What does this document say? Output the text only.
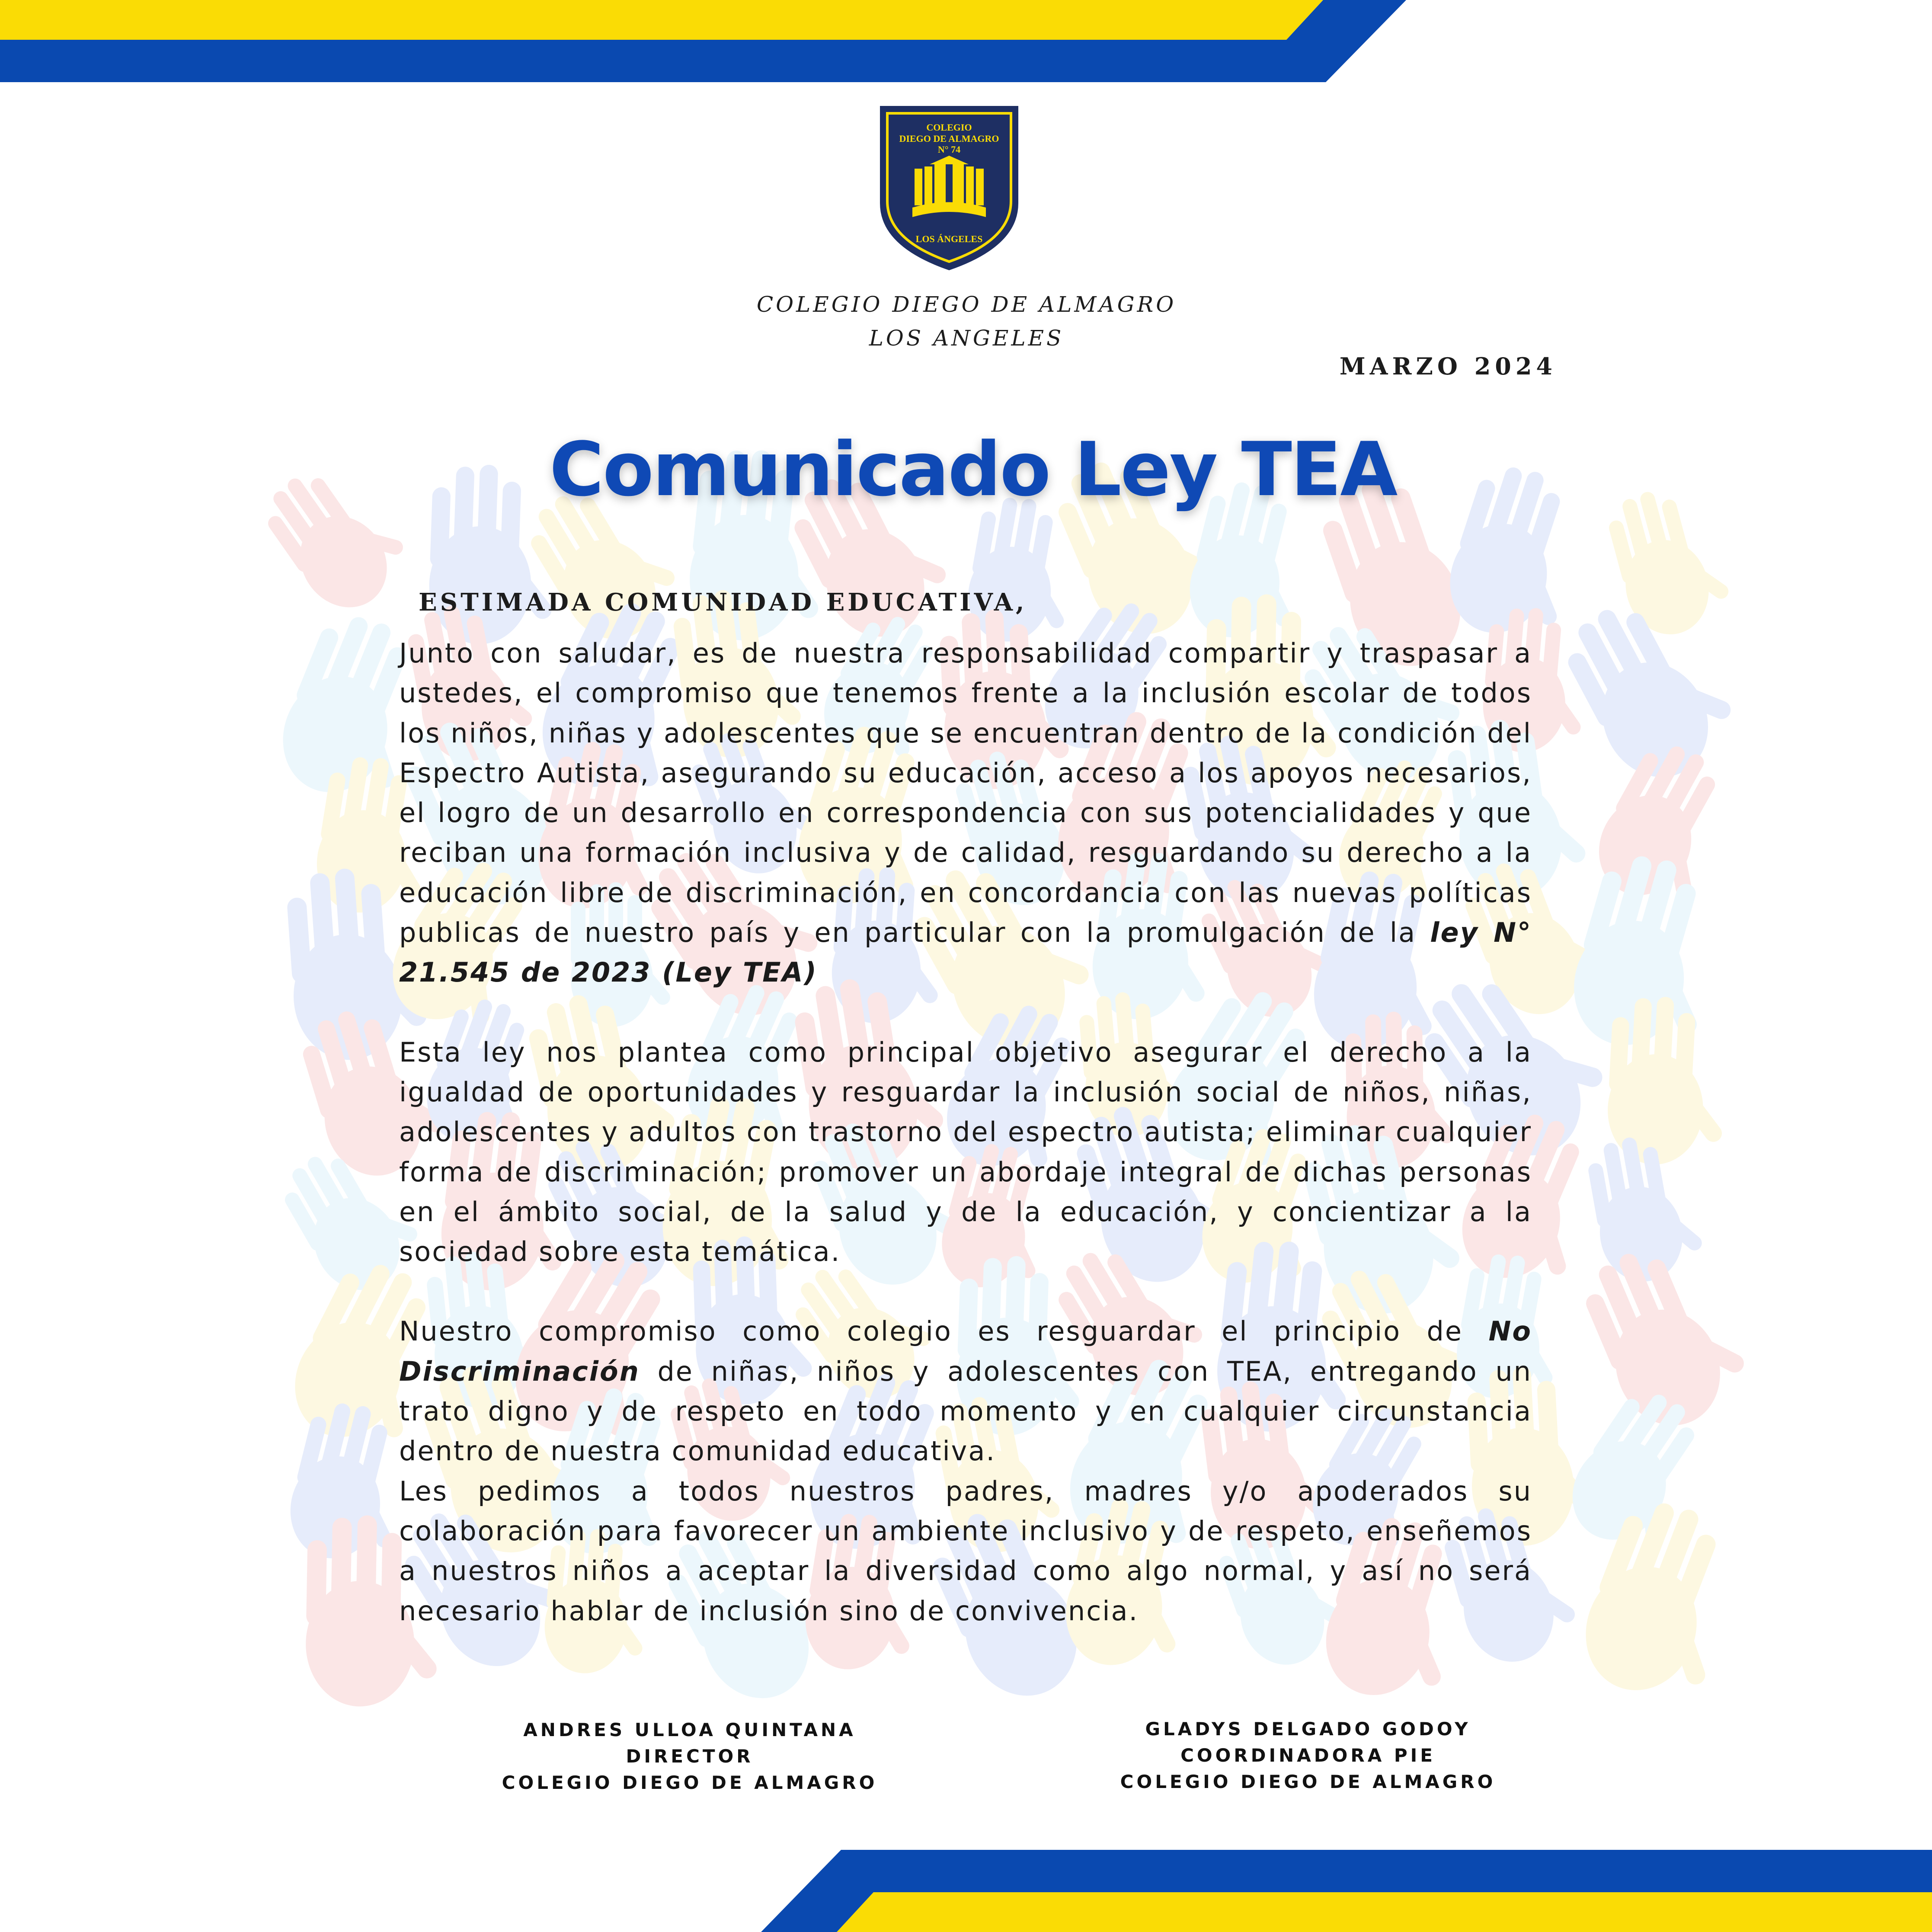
COLEGIO
DIEGO DE ALMAGRO
N° 74
LOS ÁNGELES
COLEGIO DIEGO DE ALMAGRO
LOS ANGELES
MARZO 2024
Comunicado Ley TEA
ESTIMADA COMUNIDAD EDUCATIVA,

Junto con saludar, es de nuestra responsabilidad compartir y traspasar a ustedes, el compromiso que tenemos frente a la inclusión escolar de todos los niños, niñas y adolescentes que se encuentran dentro de la condición del Espectro Autista, asegurando su educación, acceso a los apoyos necesarios, el logro de un desarrollo en correspondencia con sus potencialidades y que reciban una formación inclusiva y de calidad, resguardando su derecho a la educación libre de discriminación, en concordancia con las nuevas políticas publicas de nuestro país y en particular con la promulgación de la ley N° 21.545 de 2023 (Ley TEA)

Esta ley nos plantea como principal objetivo asegurar el derecho a la igualdad de oportunidades y resguardar la inclusión social de niños, niñas, adolescentes y adultos con trastorno del espectro autista; eliminar cualquier forma de discriminación; promover un abordaje integral de dichas personas en el ámbito social, de la salud y de la educación, y concientizar a la sociedad sobre esta temática.

Nuestro compromiso como colegio es resguardar el principio de No Discriminación de niñas, niños y adolescentes con TEA, entregando un trato digno y de respeto en todo momento y en cualquier circunstancia dentro de nuestra comunidad educativa.

Les pedimos a todos nuestros padres, madres y/o apoderados su colaboración para favorecer un ambiente inclusivo y de respeto, enseñemos a nuestros niños a aceptar la diversidad como algo normal, y así no será necesario hablar de inclusión sino de convivencia.

ANDRES ULLOA QUINTANA
DIRECTOR
COLEGIO DIEGO DE ALMAGRO
GLADYS DELGADO GODOY
COORDINADORA PIE
COLEGIO DIEGO DE ALMAGRO
